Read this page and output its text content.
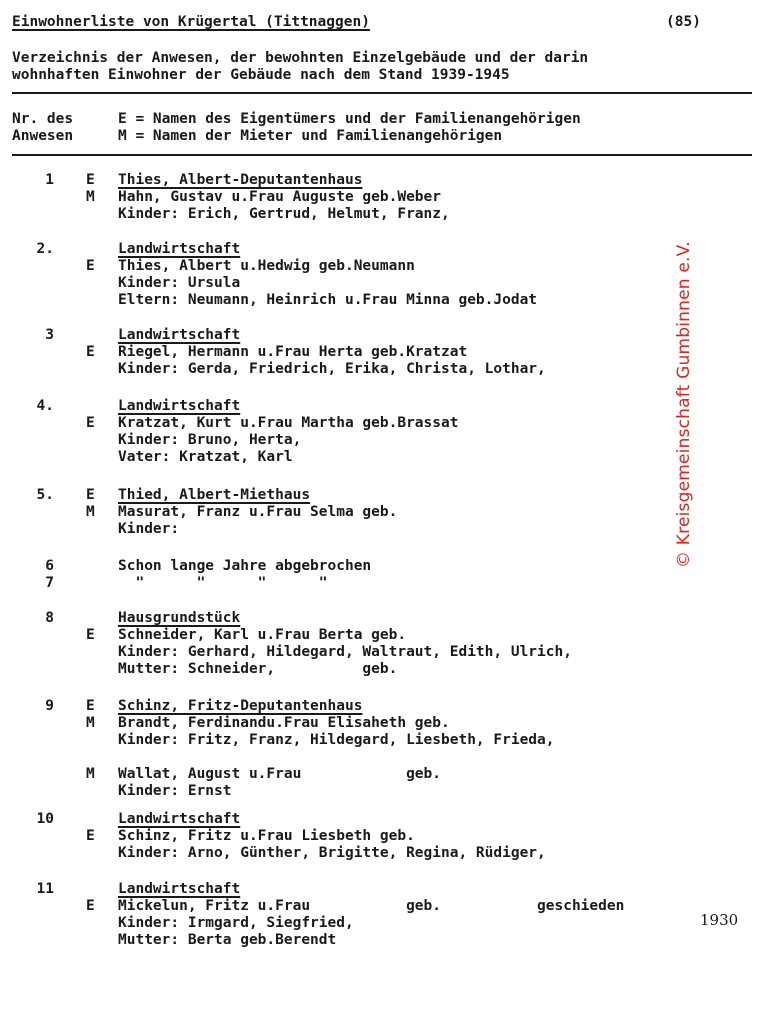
Einwohnerliste von Krügertal (Tittnaggen)	(85)
Verzeichnis der Anwesen, der bewohnten Einzelgebäude und der darin
wohnhaften Einwohner der Gebäude nach dem Stand 1939-1945
Nr. des
Anwesen
E = Namen des Eigentümers und der Familienangehörigen
M = Namen der Mieter und Familienangehörigen
1 E	Thies, Albert-Deputantenhaus
M	Hahn, Gustav u.Frau Auguste geb.Weber
Kinder: Erich, Gertrud, Helmut, Franz,
2.	Landwirtschaft
E	Thies, Albert u.Hedwig geb.Neumann
Kinder: Ursula
Eltern: Neumann, Heinrich u.Frau Minna geb.Jodat
3	Landwirtschaft
E	Riegel, Hermann u.Frau Herta geb.Kratzat
Kinder: Gerda, Friedrich, Erika, Christa, Lothar,
4.	Landwirtschaft
E	Kratzat, Kurt u.Frau Martha geb.Brassat
Kinder: Bruno, Herta,
Vater: Kratzat, Karl
5. E	Thied, Albert-Miethaus
M	Masurat, Franz u.Frau Selma geb.
Kinder:
6	Schon lange Jahre abgebrochen
7	"      "      "      "
8	Hausgrundstück
E	Schneider, Karl u.Frau Berta geb.
Kinder: Gerhard, Hildegard, Waltraut, Edith, Ulrich,
Mutter: Schneider,          geb.
9 E	Schinz, Fritz-Deputantenhaus
M	Brandt, Ferdinandu.Frau Elisaheth geb.
Kinder: Fritz, Franz, Hildegard, Liesbeth, Frieda,
M	Wallat, August u.Frau            geb.
Kinder: Ernst
10	Landwirtschaft
E	Schinz, Fritz u.Frau Liesbeth geb.
Kinder: Arno, Günther, Brigitte, Regina, Rüdiger,
11	Landwirtschaft
E	Mickelun, Fritz u.Frau           geb.           geschieden
Kinder: Irmgard, Siegfried,
Mutter: Berta geb.Berendt
© Kreisgemeinschaft Gumbinnen e.V.
1930
